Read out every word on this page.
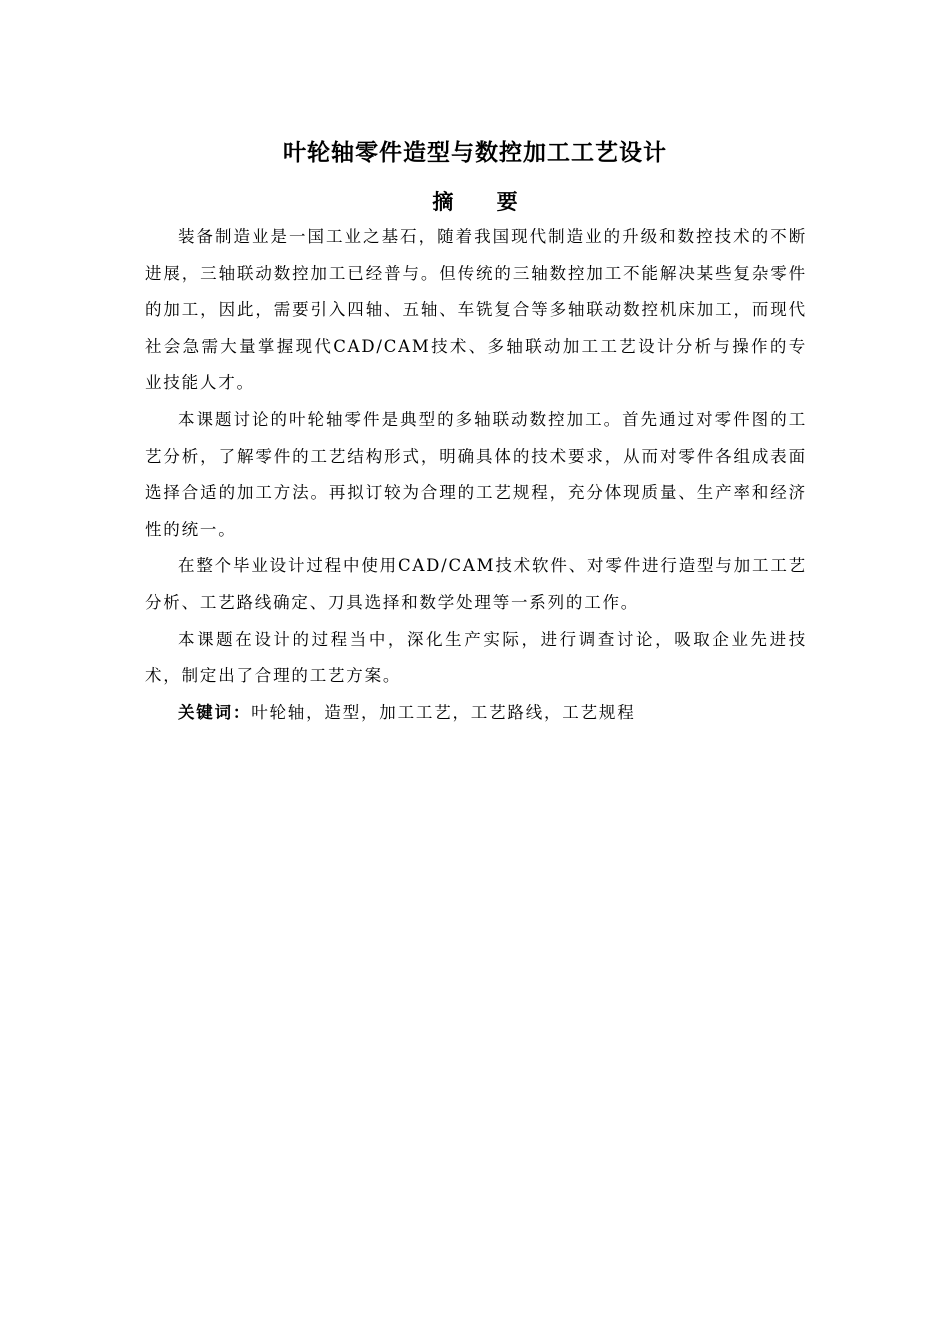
叶轮轴零件造型与数控加工工艺设计
摘 要

装备制造业是一国工业之基石，随着我国现代制造业的升级和数控技术的不断进展，三轴联动数控加工已经普与。但传统的三轴数控加工不能解决某些复杂零件的加工，因此，需要引入四轴、五轴、车铣复合等多轴联动数控机床加工，而现代社会急需大量掌握现代CAD/CAM技术、多轴联动加工工艺设计分析与操作的专业技能人才。

本课题讨论的叶轮轴零件是典型的多轴联动数控加工。首先通过对零件图的工艺分析，了解零件的工艺结构形式，明确具体的技术要求，从而对零件各组成表面选择合适的加工方法。再拟订较为合理的工艺规程，充分体现质量、生产率和经济性的统一。

在整个毕业设计过程中使用CAD/CAM技术软件、对零件进行造型与加工工艺分析、工艺路线确定、刀具选择和数学处理等一系列的工作。

本课题在设计的过程当中，深化生产实际，进行调查讨论，吸取企业先进技术，制定出了合理的工艺方案。

关键词：叶轮轴，造型，加工工艺，工艺路线，工艺规程
